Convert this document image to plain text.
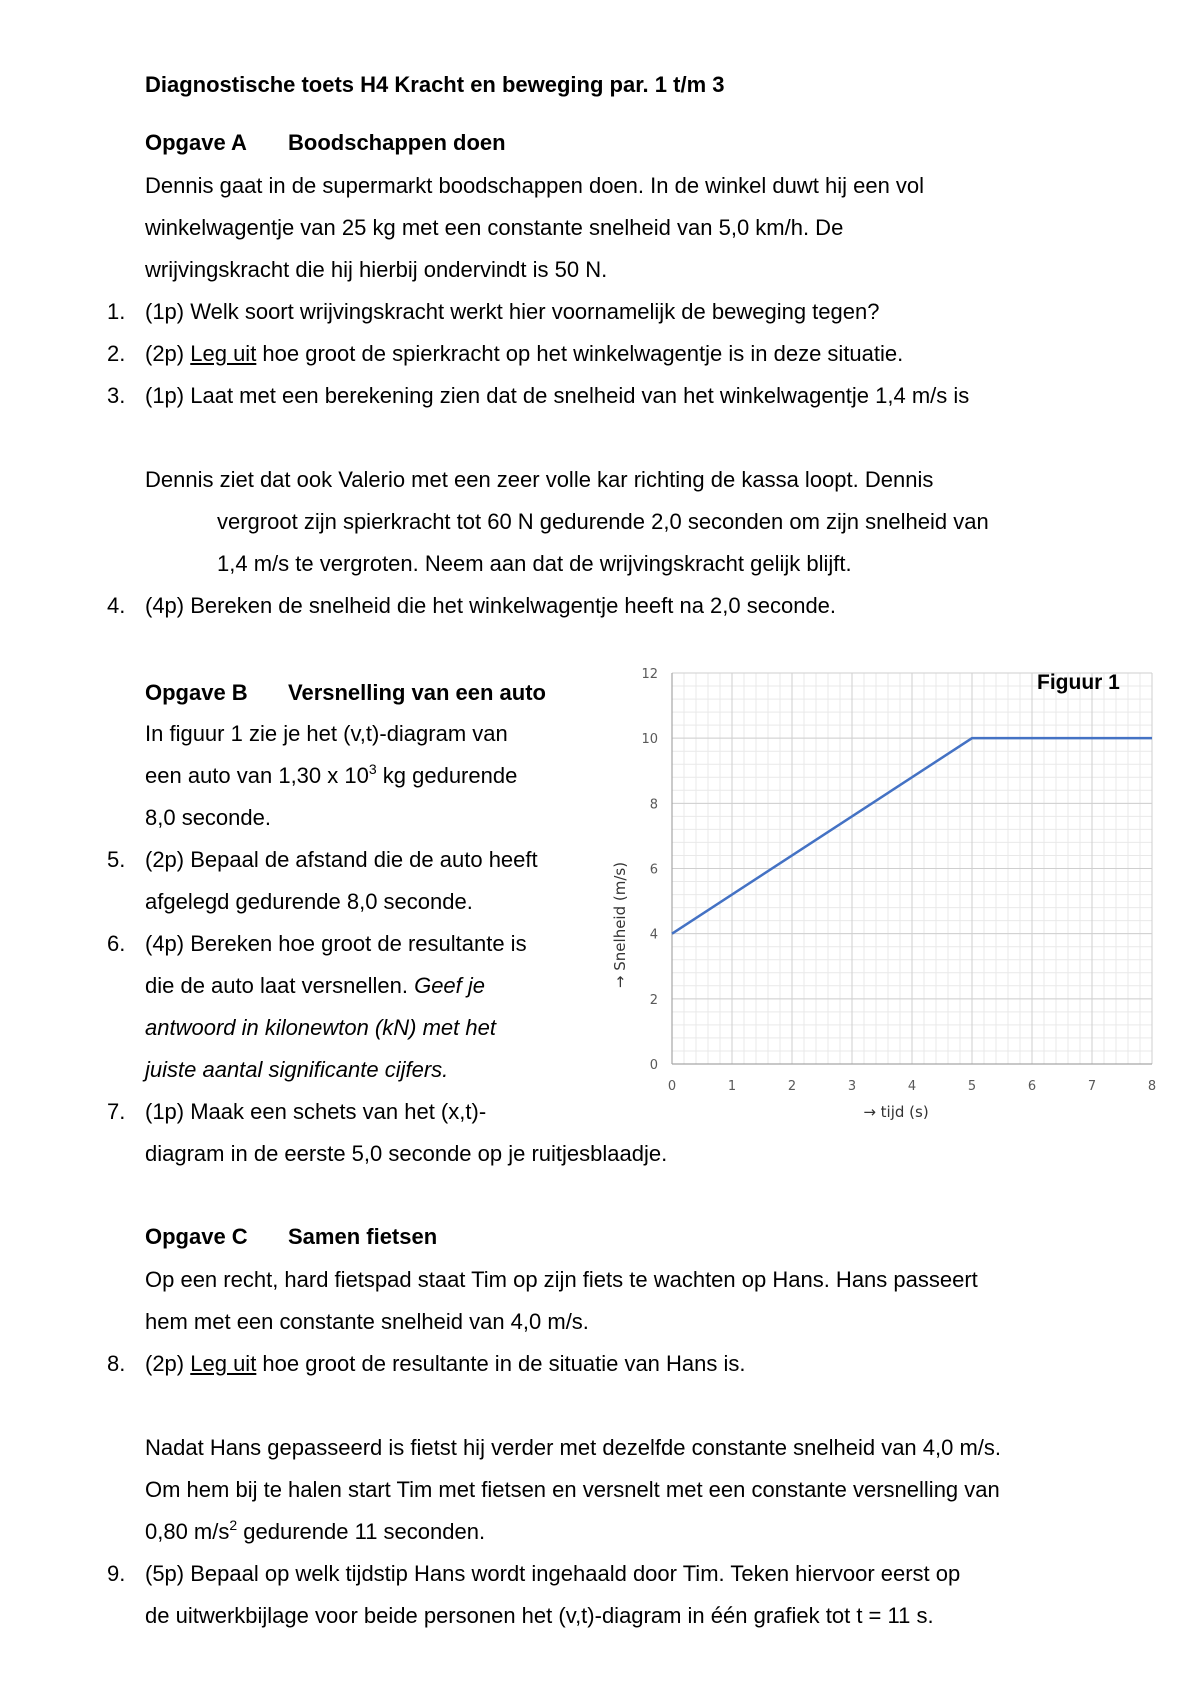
Diagnostische toets H4 Kracht en beweging par. 1 t/m 3
Opgave A Boodschappen doen
Dennis gaat in de supermarkt boodschappen doen. In de winkel duwt hij een vol
winkelwagentje van 25 kg met een constante snelheid van 5,0 km/h. De
wrijvingskracht die hij hierbij ondervindt is 50 N.
1. (1p) Welk soort wrijvingskracht werkt hier voornamelijk de beweging tegen?
2. (2p) Leg uit hoe groot de spierkracht op het winkelwagentje is in deze situatie.
3. (1p) Laat met een berekening zien dat de snelheid van het winkelwagentje 1,4 m/s is
Dennis ziet dat ook Valerio met een zeer volle kar richting de kassa loopt. Dennis
vergroot zijn spierkracht tot 60 N gedurende 2,0 seconden om zijn snelheid van
1,4 m/s te vergroten. Neem aan dat de wrijvingskracht gelijk blijft.
4. (4p) Bereken de snelheid die het winkelwagentje heeft na 2,0 seconde.
Opgave B Versnelling van een auto
In figuur 1 zie je het (v,t)-diagram van
een auto van 1,30 x $10^3$ kg gedurende
8,0 seconde.
5. (2p) Bepaal de afstand die de auto heeft
afgelegd gedurende 8,0 seconde.
6. (4p) Bereken hoe groot de resultante is
die de auto laat versnellen. Geef je
antwoord in kilonewton (kN) met het
juiste aantal significante cijfers.
7. (1p) Maak een schets van het (x,t)-
diagram in de eerste 5,0 seconde op je ruitjesblaadje.
0	1	2	3	4	5	6	7	8
0
2
4
6
8
10
12	Figuur 1
→ tijd (s)
→ Snelheid (m/s)
Opgave C Samen fietsen
Op een recht, hard fietspad staat Tim op zijn fiets te wachten op Hans. Hans passeert
hem met een constante snelheid van 4,0 m/s.
8. (2p) Leg uit hoe groot de resultante in de situatie van Hans is.
Nadat Hans gepasseerd is fietst hij verder met dezelfde constante snelheid van 4,0 m/s.
Om hem bij te halen start Tim met fietsen en versnelt met een constante versnelling van
0,80 $m/s^2$ gedurende 11 seconden.
9. (5p) Bepaal op welk tijdstip Hans wordt ingehaald door Tim. Teken hiervoor eerst op
de uitwerkbijlage voor beide personen het (v,t)-diagram in één grafiek tot t = 11 s.
